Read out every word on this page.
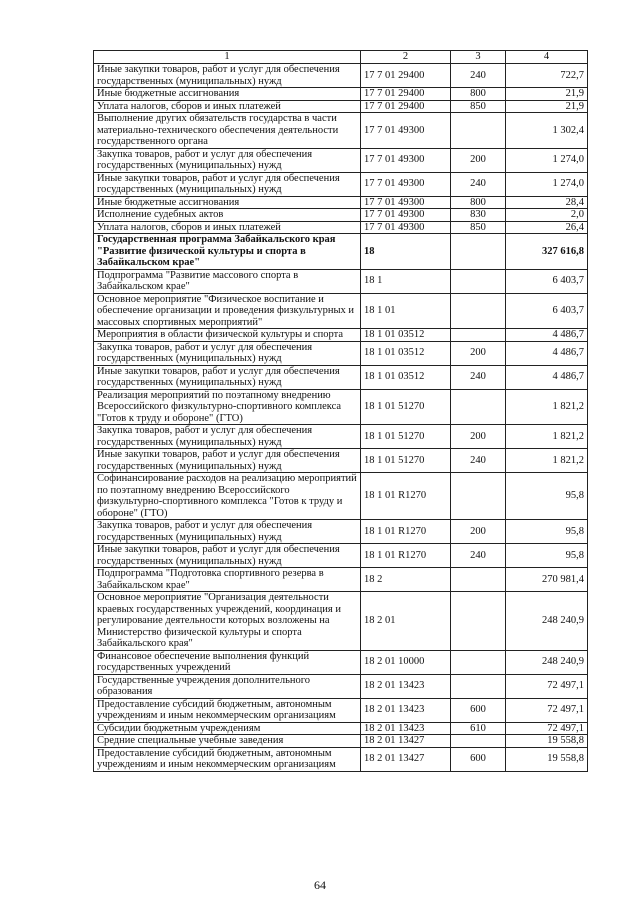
1	2	3	4
Иные закупки товаров, работ и услуг для обеспечения государственных (муниципальных) нужд	17 7 01 29400	240	722,7
Иные бюджетные ассигнования	17 7 01 29400	800	21,9
Уплата налогов, сборов и иных платежей	17 7 01 29400	850	21,9
Выполнение других обязательств государства в части материально-технического обеспечения деятельности государственного органа	17 7 01 49300		1 302,4
Закупка товаров, работ и услуг для обеспечения государственных (муниципальных) нужд	17 7 01 49300	200	1 274,0
Иные закупки товаров, работ и услуг для обеспечения государственных (муниципальных) нужд	17 7 01 49300	240	1 274,0
Иные бюджетные ассигнования	17 7 01 49300	800	28,4
Исполнение судебных актов	17 7 01 49300	830	2,0
Уплата налогов, сборов и иных платежей	17 7 01 49300	850	26,4
Государственная программа Забайкальского края "Развитие физической культуры и спорта в Забайкальском крае"	18		327 616,8
Подпрограмма "Развитие массового спорта в Забайкальском крае"	18 1		6 403,7
Основное мероприятие "Физическое воспитание и обеспечение организации и проведения физкультурных и массовых спортивных мероприятий"	18 1 01		6 403,7
Мероприятия в области физической культуры и спорта	18 1 01 03512		4 486,7
Закупка товаров, работ и услуг для обеспечения государственных (муниципальных) нужд	18 1 01 03512	200	4 486,7
Иные закупки товаров, работ и услуг для обеспечения государственных (муниципальных) нужд	18 1 01 03512	240	4 486,7
Реализация мероприятий по поэтапному внедрению Всероссийского физкультурно-спортивного комплекса "Готов к труду и обороне" (ГТО)	18 1 01 51270		1 821,2
Закупка товаров, работ и услуг для обеспечения государственных (муниципальных) нужд	18 1 01 51270	200	1 821,2
Иные закупки товаров, работ и услуг для обеспечения государственных (муниципальных) нужд	18 1 01 51270	240	1 821,2
Софинансирование расходов на реализацию мероприятий по поэтапному внедрению Всероссийского физкультурно-спортивного комплекса "Готов к труду и обороне" (ГТО)	18 1 01 R1270		95,8
Закупка товаров, работ и услуг для обеспечения государственных (муниципальных) нужд	18 1 01 R1270	200	95,8
Иные закупки товаров, работ и услуг для обеспечения государственных (муниципальных) нужд	18 1 01 R1270	240	95,8
Подпрограмма "Подготовка спортивного резерва в Забайкальском крае"	18 2		270 981,4
Основное мероприятие "Организация деятельности краевых государственных учреждений, координация и регулирование деятельности которых возложены на Министерство физической культуры и спорта Забайкальского края"	18 2 01		248 240,9
Финансовое обеспечение выполнения функций государственных учреждений	18 2 01 10000		248 240,9
Государственные учреждения дополнительного образования	18 2 01 13423		72 497,1
Предоставление субсидий бюджетным, автономным учреждениям и иным некоммерческим организациям	18 2 01 13423	600	72 497,1
Субсидии бюджетным учреждениям	18 2 01 13423	610	72 497,1
Средние специальные учебные заведения	18 2 01 13427		19 558,8
Предоставление субсидий бюджетным, автономным учреждениям и иным некоммерческим организациям	18 2 01 13427	600	19 558,8
64
